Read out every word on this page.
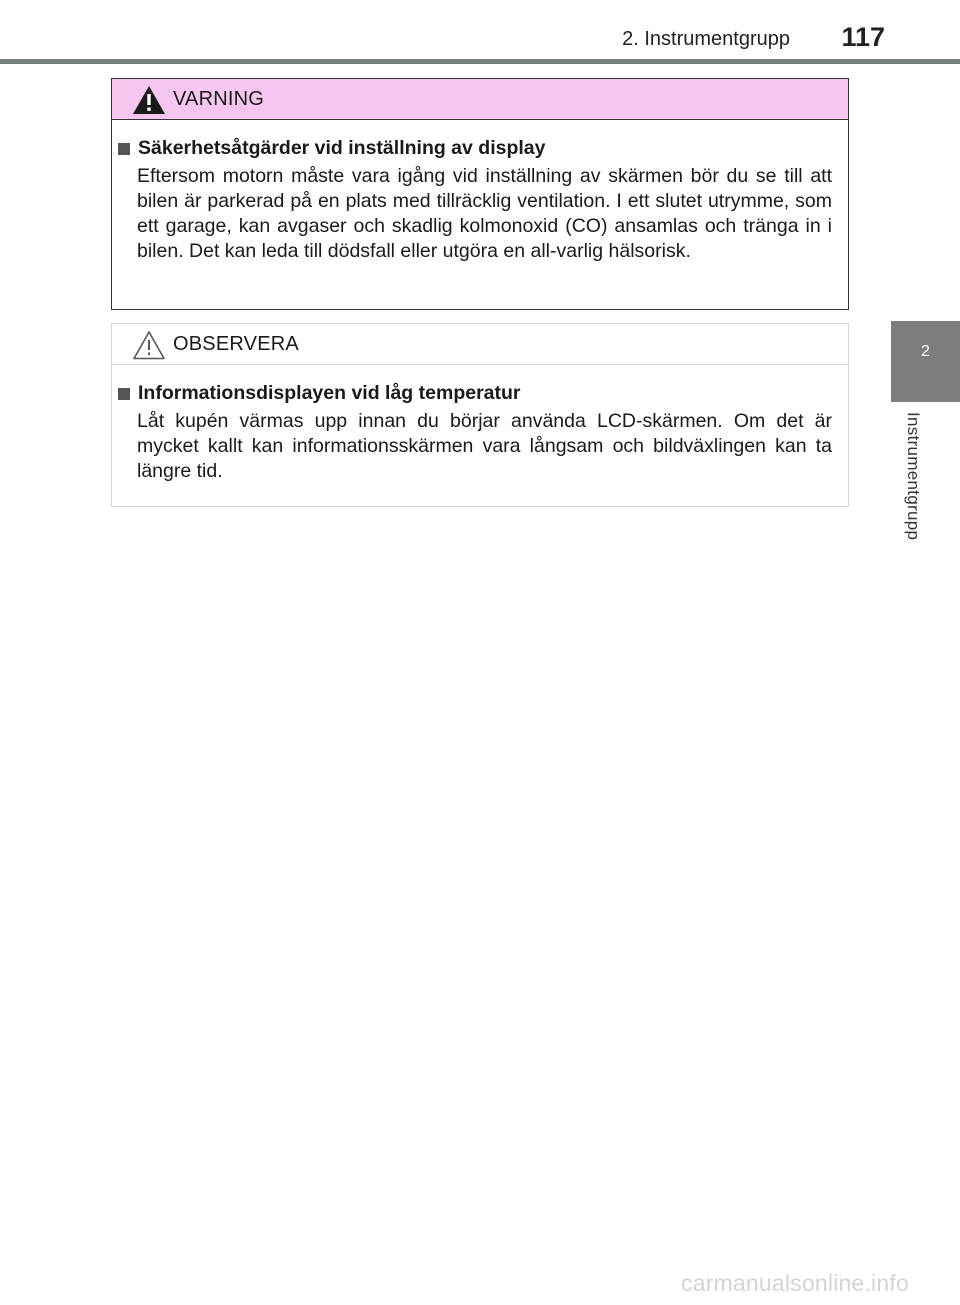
2. Instrumentgrupp	117
2
Instrumentgrupp
VARNING
Säkerhetsåtgärder vid inställning av display
Eftersom motorn måste vara igång vid inställning av skärmen bör du se till att bilen är parkerad på en plats med tillräcklig ventilation. I ett slutet utrymme, som ett garage, kan avgaser och skadlig kolmonoxid (CO) ansamlas och tränga in i bilen. Det kan leda till dödsfall eller utgöra en all-varlig hälsorisk.
OBSERVERA
Informationsdisplayen vid låg temperatur
Låt kupén värmas upp innan du börjar använda LCD-skärmen. Om det är mycket kallt kan informationsskärmen vara långsam och bildväxlingen kan ta längre tid.
carmanualsonline.info
